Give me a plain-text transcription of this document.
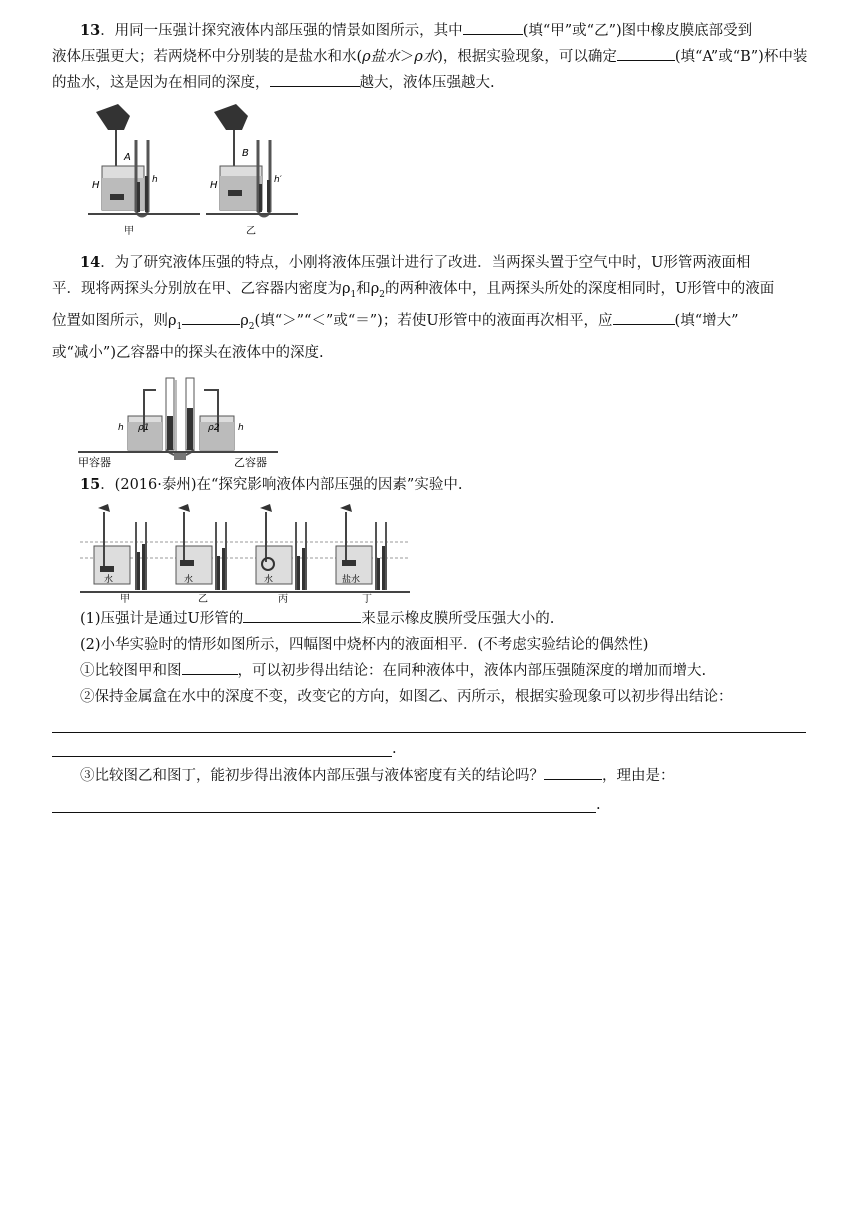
13．用同一压强计探究液体内部压强的情景如图所示，其中	(填“甲”或“乙”)图中橡皮膜底部受到

液体压强更大；若两烧杯中分别装的是盐水和水(ρ盐水＞ρ水)，根据实验现象，可以确定	(填“A”或“B”)杯中装

的盐水，这是因为在相同的深度，	越大，液体压强越大.

A
H	h
甲
B
H	h′
乙

14．为了研究液体压强的特点，小刚将液体压强计进行了改进．当两探头置于空气中时，U形管两液面相

平．现将两探头分别放在甲、乙容器内密度为$\rho_1$和$\rho_2$的两种液体中，且两探头所处的深度相同时，U形管中的液面

位置如图所示，则$\rho_1$	$\rho_2$(填“＞”“＜”或“＝”)；若使U形管中的液面再次相平，应	(填“增大”

或“减小”)乙容器中的探头在液体中的深度.

ρ1	ρ2
h	h
甲容器	乙容器

15．(2016·泰州)在“探究影响液体内部压强的因素”实验中.

水
甲
水
乙
水
丙
盐水
丁

(1)压强计是通过U形管的	来显示橡皮膜所受压强大小的.

(2)小华实验时的情形如图所示，四幅图中烧杯内的液面相平．(不考虑实验结论的偶然性)

①比较图甲和图	，可以初步得出结论：在同种液体中，液体内部压强随深度的增加而增大.

②保持金属盒在水中的深度不变，改变它的方向，如图乙、丙所示，根据实验现象可以初步得出结论：

.

③比较图乙和图丁，能初步得出液体内部压强与液体密度有关的结论吗？	，理由是：

.
